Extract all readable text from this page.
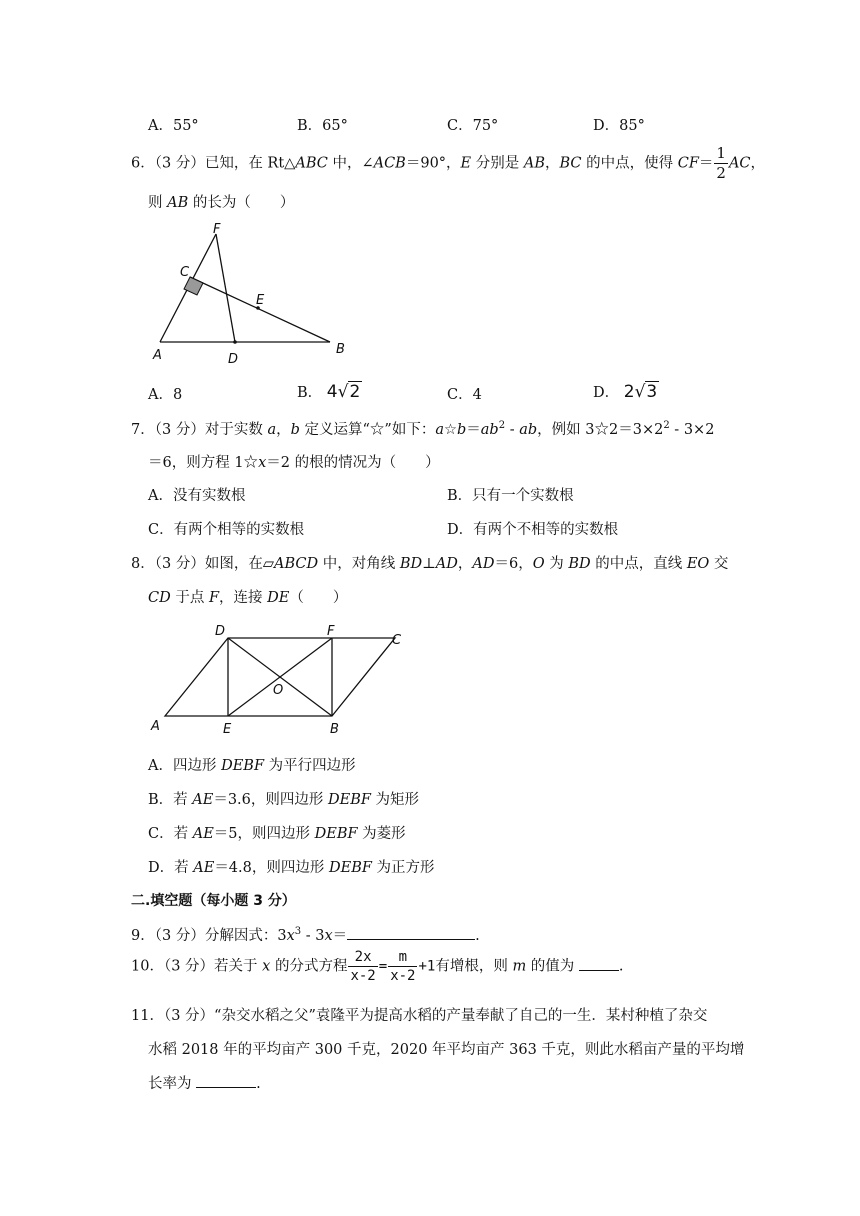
A．55°	B．65°	C．75°	D．85°
6．（3 分）已知，在 Rt△ABC 中，∠ACB＝90°，E 分别是 AB，BC 的中点，使得 $CF= \frac{1}{2}$ AC，
则 AB 的长为（　　）
F
C
E
A	D
B
A．8	B． 4√2	C．4	D． 2√3
7．（3 分）对于实数 a，b 定义运算“☆”如下：$a☆b=ab^2$ - ab，例如 $3☆2=3\times 2^2 - 3\times 2$
＝6，则方程 1☆x＝2 的根的情况为（　　）
A．没有实数根	B．只有一个实数根
C．有两个相等的实数根	D．有两个不相等的实数根
8．（3 分）如图，在▱ABCD 中，对角线 BD⊥AD，AD＝6，O 为 BD 的中点，直线 EO 交
CD 于点 F，连接 DE（　　）
D	F
C
O
A	E	B
A．四边形 DEBF 为平行四边形
B．若 AE＝3.6，则四边形 DEBF 为矩形
C．若 AE＝5，则四边形 DEBF 为菱形
D．若 AE＝4.8，则四边形 DEBF 为正方形
二.填空题（每小题 3 分）
9．（3 分）分解因式：$3x^3 - 3x=$	.
10．（3 分）若关于 x 的分式方程 $\frac{2x}{x-2} = \frac{m}{x-2} +1$有增根，则 m 的值为	.
11．（3 分）“杂交水稻之父”袁隆平为提高水稻的产量奉献了自己的一生．某村种植了杂交
水稻 2018 年的平均亩产 300 千克，2020 年平均亩产 363 千克，则此水稻亩产量的平均增
长率为	.
